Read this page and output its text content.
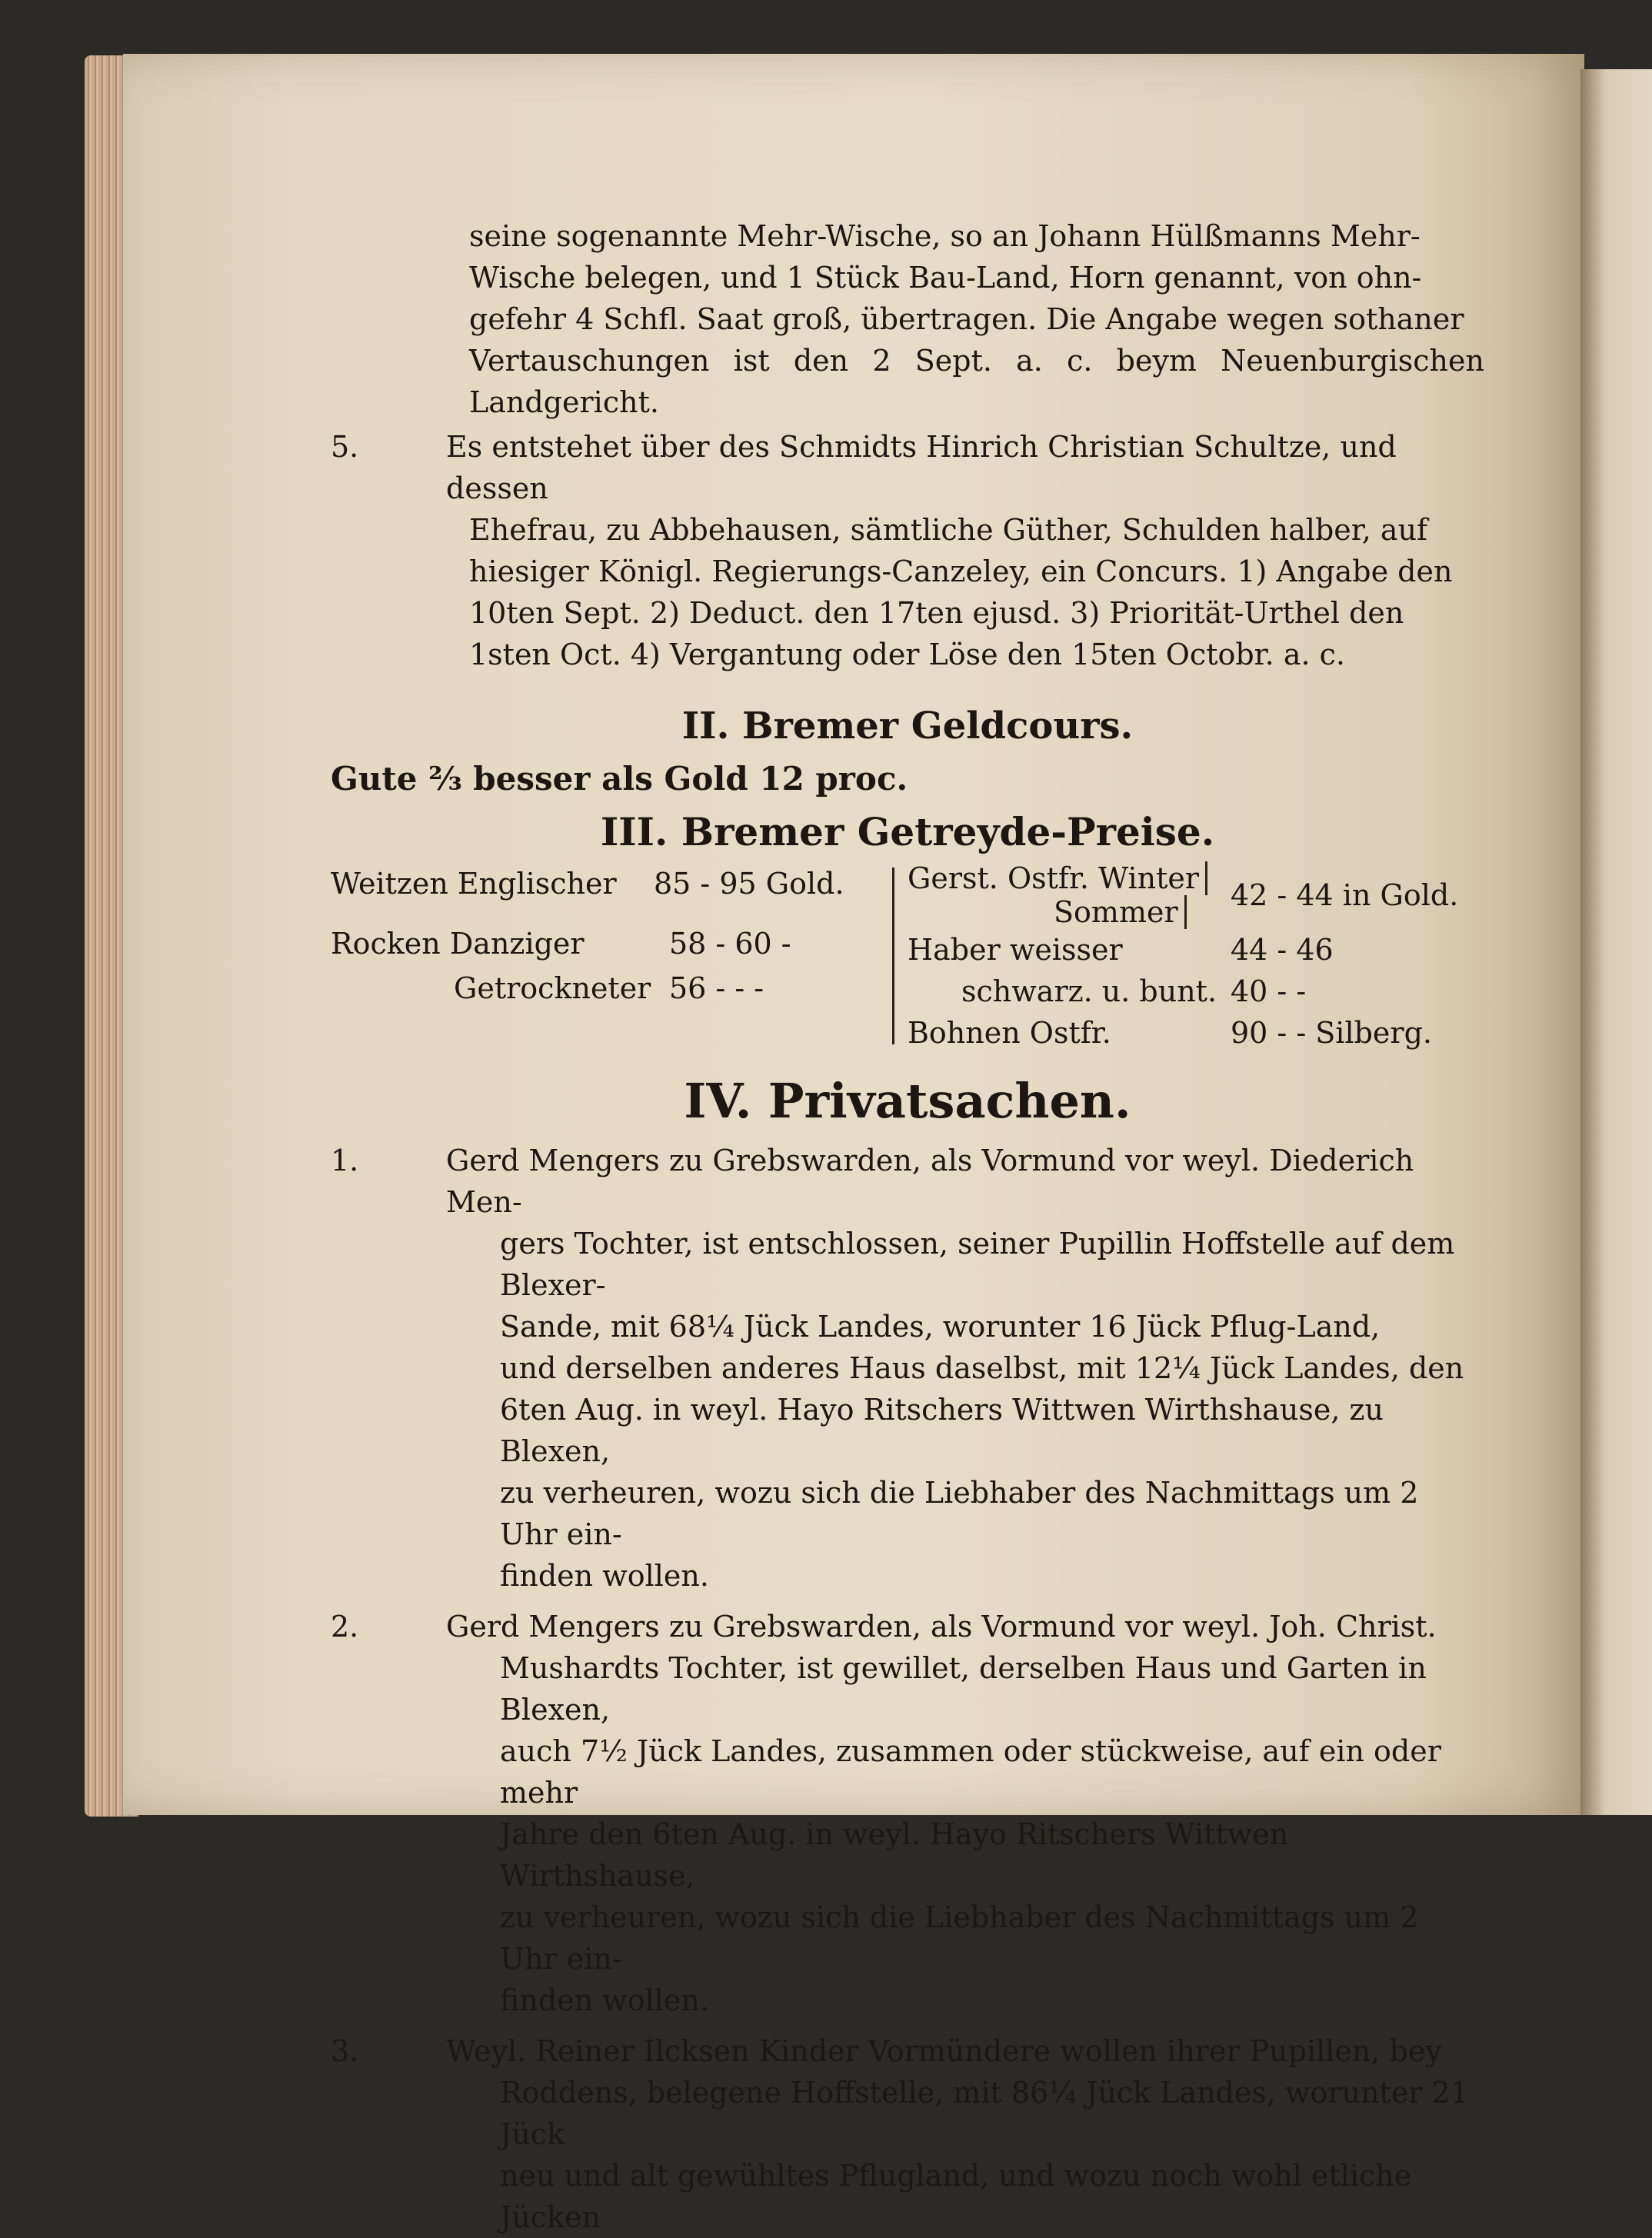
seine sogenannte Mehr-Wische, so an Johann Hülßmanns Mehr-
Wische belegen, und 1 Stück Bau-Land, Horn genannt, von ohn-
gefehr 4 Schfl. Saat groß, übertragen. Die Angabe wegen sothaner
Vertauschungen ist den 2 Sept. a. c. beym Neuenburgischen Landgericht.
5.	Es entstehet über des Schmidts Hinrich Christian Schultze, und dessen
Ehefrau, zu Abbehausen, sämtliche Güther, Schulden halber, auf
hiesiger Königl. Regierungs-Canzeley, ein Concurs. 1) Angabe den
10ten Sept. 2) Deduct. den 17ten ejusd. 3) Priorität-Urthel den
1sten Oct. 4) Vergantung oder Löse den 15ten Octobr. a. c.
II. Bremer Geldcours.
Gute ⅔ besser als Gold 12 proc.
III. Bremer Getreyde-Preise.
Weitzen Englischer 85 - 95 Gold.
Rocken Danziger	58 - 60 -
Getrockneter 56 - - -
Gerst. Ostfr. Winter
Sommer 42 - 44 in Gold.
Haber weisser	44 - 46
schwarz. u. bunt. 40 - -
Bohnen Ostfr.	90 - - Silberg.
IV. Privatsachen.
1.	Gerd Mengers zu Grebswarden, als Vormund vor weyl. Diederich Men-
gers Tochter, ist entschlossen, seiner Pupillin Hoffstelle auf dem Blexer-
Sande, mit 68¼ Jück Landes, worunter 16 Jück Pflug-Land,
und derselben anderes Haus daselbst, mit 12¼ Jück Landes, den
6ten Aug. in weyl. Hayo Ritschers Wittwen Wirthshause, zu Blexen,
zu verheuren, wozu sich die Liebhaber des Nachmittags um 2 Uhr ein-
finden wollen.
2.	Gerd Mengers zu Grebswarden, als Vormund vor weyl. Joh. Christ.
Mushardts Tochter, ist gewillet, derselben Haus und Garten in Blexen,
auch 7½ Jück Landes, zusammen oder stückweise, auf ein oder mehr
Jahre den 6ten Aug. in weyl. Hayo Ritschers Wittwen Wirthshause,
zu verheuren, wozu sich die Liebhaber des Nachmittags um 2 Uhr ein-
finden wollen.
3.	Weyl. Reiner Ilcksen Kinder Vormündere wollen ihrer Pupillen, bey
Roddens, belegene Hoffstelle, mit 86¼ Jück Landes, worunter 21 Jück
neu und alt gewühltes Pflugland, und wozu noch wohl etliche Jücken
